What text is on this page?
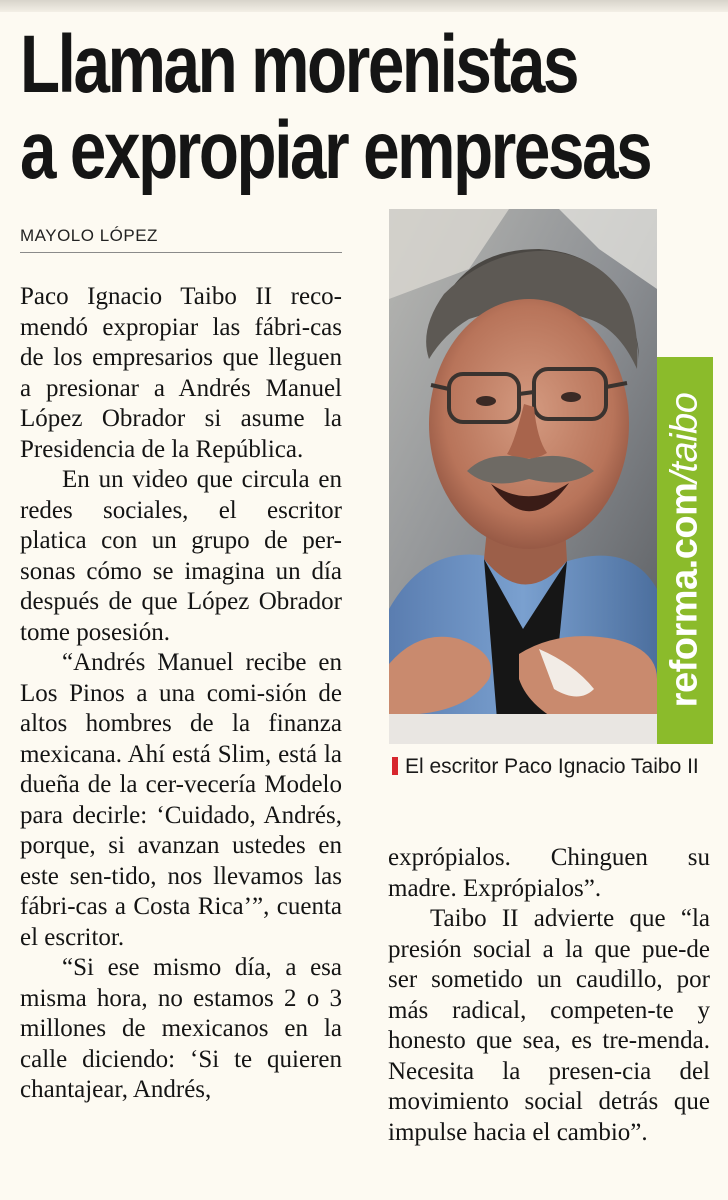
Llaman morenistas
a expropiar empresas
MAYOLO LÓPEZ

Paco Ignacio Taibo II reco-mendó expropiar las fábri-cas de los empresarios que lleguen a presionar a Andrés Manuel López Obrador si asume la Presidencia de la República.

En un video que circula en redes sociales, el escritor platica con un grupo de per-sonas cómo se imagina un día después de que López Obrador tome posesión.

“Andrés Manuel recibe en Los Pinos a una comi-sión de altos hombres de la finanza mexicana. Ahí está Slim, está la dueña de la cer-vecería Modelo para decirle: ‘Cuidado, Andrés, porque, si avanzan ustedes en este sen-tido, nos llevamos las fábri-cas a Costa Rica’”, cuenta el escritor.

“Si ese mismo día, a esa misma hora, no estamos 2 o 3 millones de mexicanos en la calle diciendo: ‘Si te quieren chantajear, Andrés,

reforma.com/taibo
El escritor Paco Ignacio Taibo II

exprópialos. Chinguen su madre. Exprópialos”.

Taibo II advierte que “la presión social a la que pue-de ser sometido un caudillo, por más radical, competen-te y honesto que sea, es tre-menda. Necesita la presen-cia del movimiento social detrás que impulse hacia el cambio”.
